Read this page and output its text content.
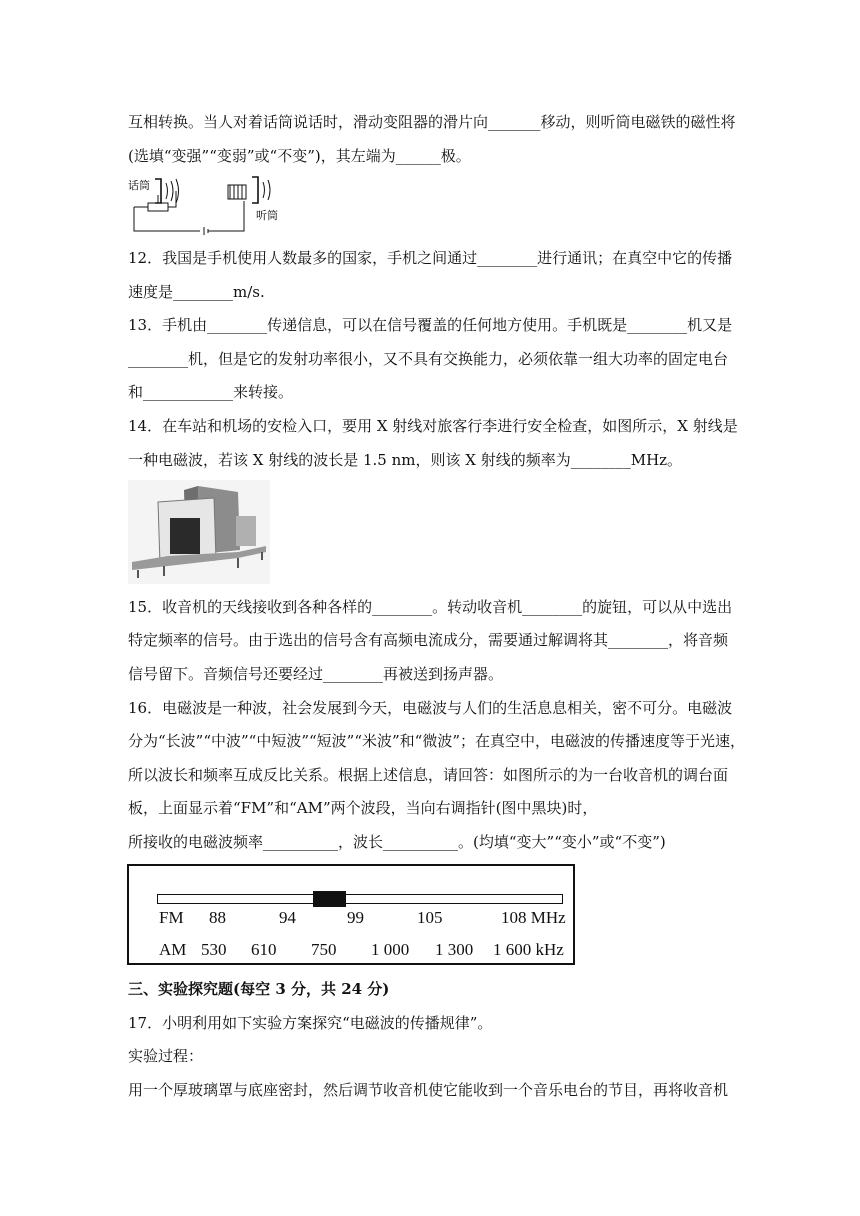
互相转换。当人对着话筒说话时，滑动变阻器的滑片向_______移动，则听筒电磁铁的磁性将
(选填“变强”“变弱”或“不变”)，其左端为______极。
话筒
听筒
12．我国是手机使用人数最多的国家，手机之间通过________进行通讯；在真空中它的传播
速度是________m/s.
13．手机由________传递信息，可以在信号覆盖的任何地方使用。手机既是________机又是
________机，但是它的发射功率很小，又不具有交换能力，必须依靠一组大功率的固定电台
和____________来转接。
14．在车站和机场的安检入口，要用 X 射线对旅客行李进行安全检查，如图所示，X 射线是
一种电磁波，若该 X 射线的波长是 1.5 nm，则该 X 射线的频率为________MHz。
15．收音机的天线接收到各种各样的________。转动收音机________的旋钮，可以从中选出
特定频率的信号。由于选出的信号含有高频电流成分，需要通过解调将其________，将音频
信号留下。音频信号还要经过________再被送到扬声器。
16．电磁波是一种波，社会发展到今天，电磁波与人们的生活息息相关，密不可分。电磁波
分为“长波”“中波”“中短波”“短波”“米波”和“微波”；在真空中，电磁波的传播速度等于光速，
所以波长和频率互成反比关系。根据上述信息，请回答：如图所示的为一台收音机的调台面
板，上面显示着“FM”和“AM”两个波段，当向右调指针(图中黑块)时，
所接收的电磁波频率__________，波长__________。(均填“变大”“变小”或“不变”)
FM 88	94	99	105	108 MHz
AM 530 610 750 1 000 1 300 1 600 kHz
三、实验探究题(每空 3 分，共 24 分)
17．小明利用如下实验方案探究“电磁波的传播规律”。
实验过程：
用一个厚玻璃罩与底座密封，然后调节收音机使它能收到一个音乐电台的节目，再将收音机
